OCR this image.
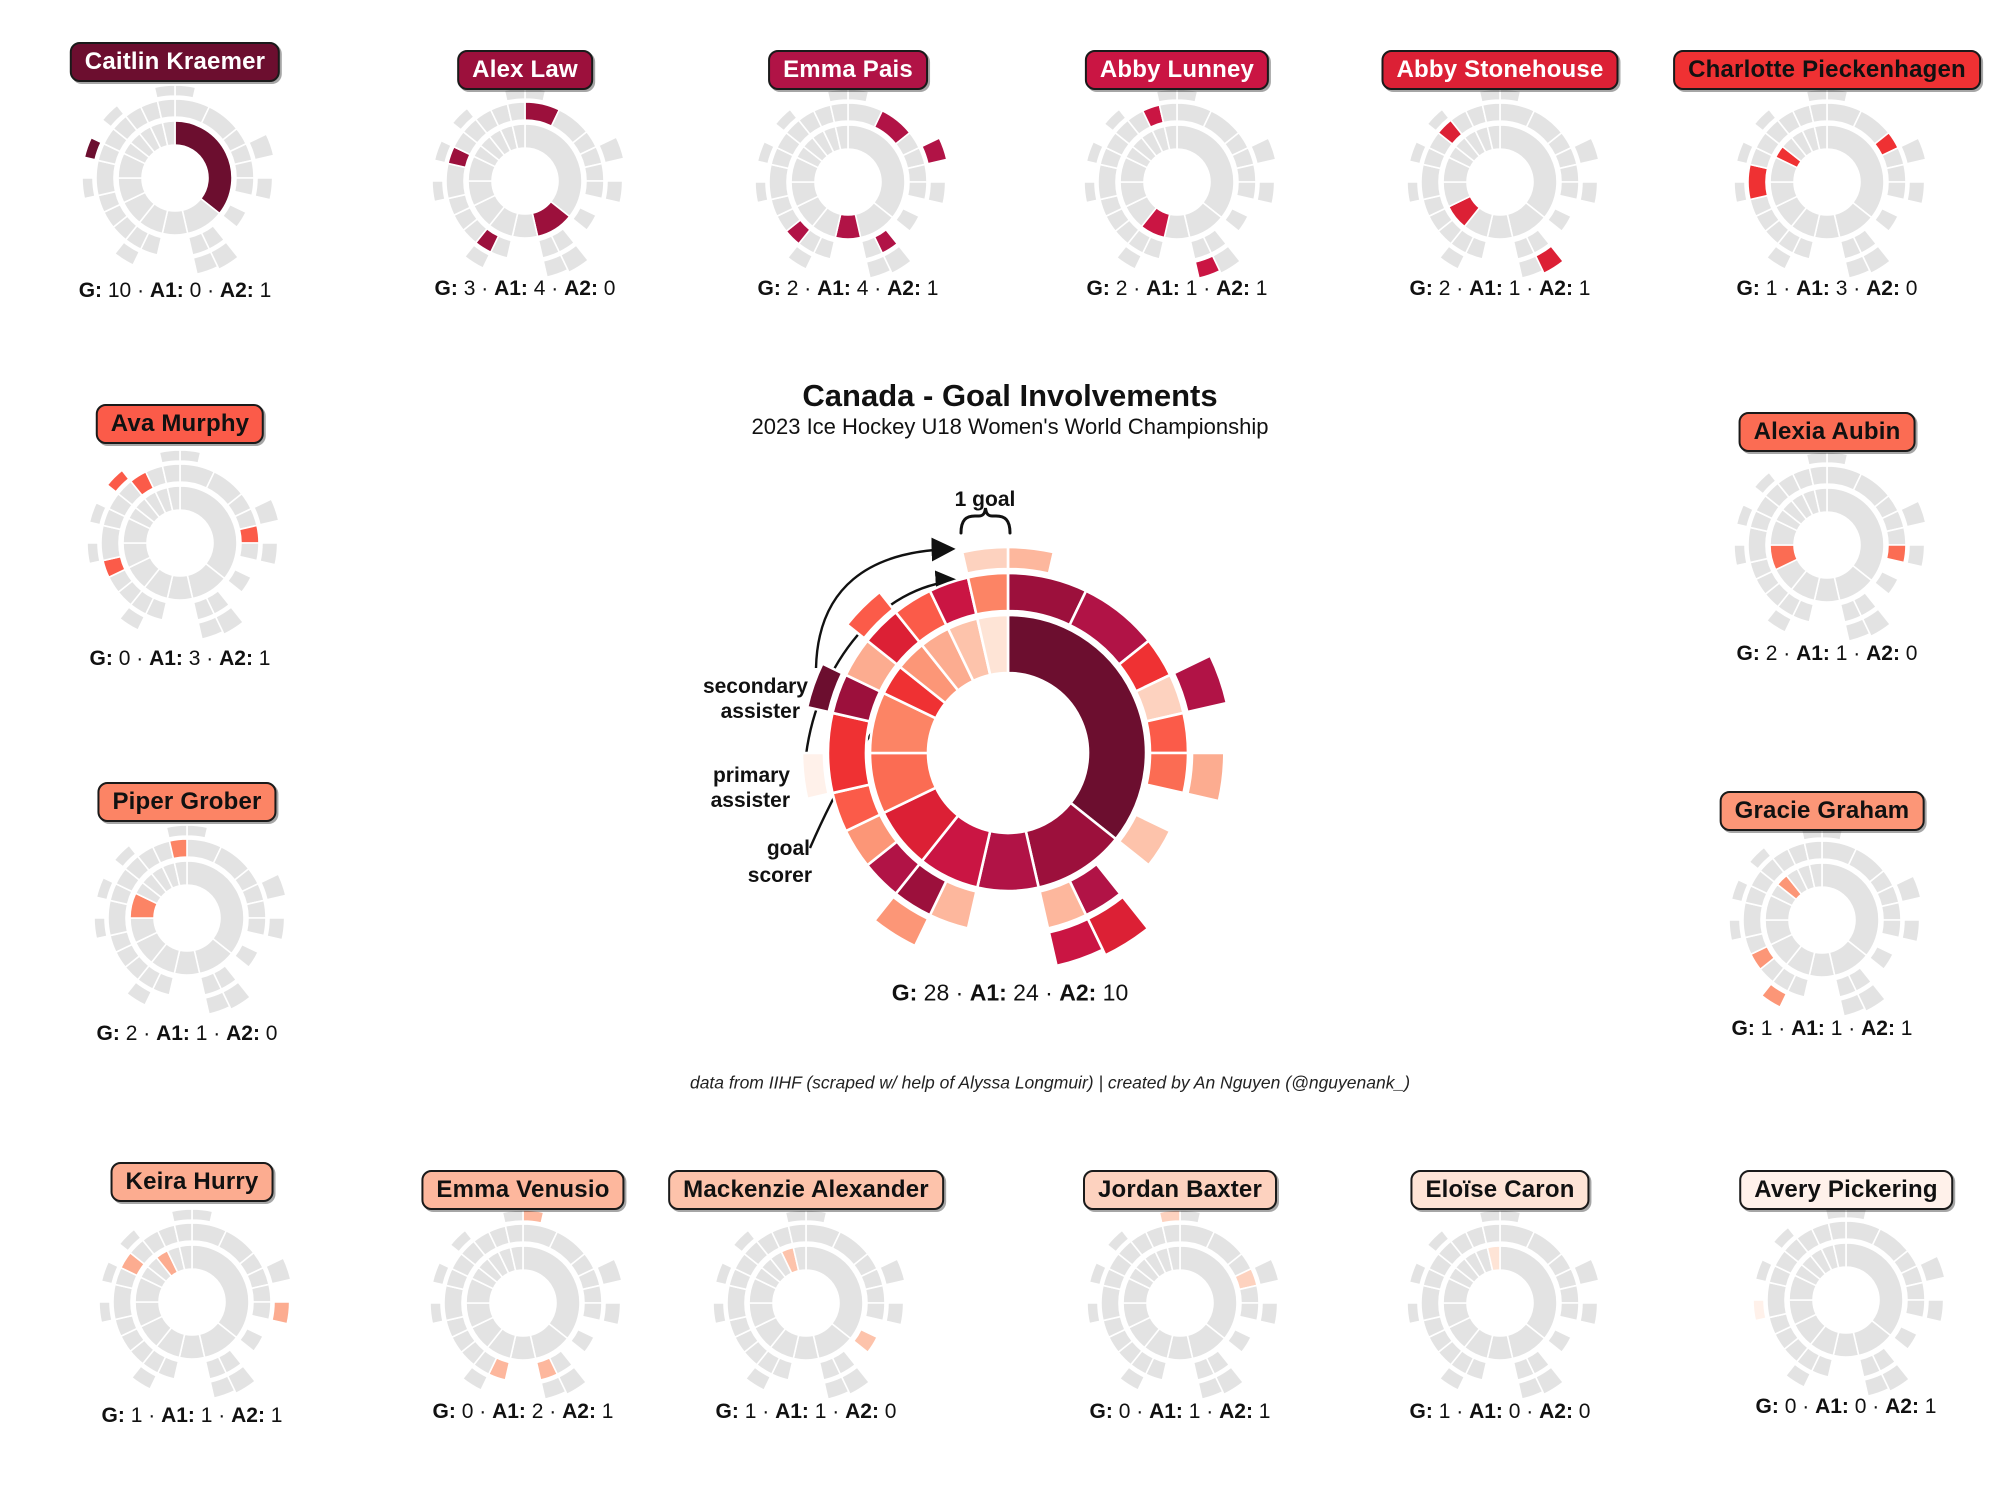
Canada - Goal Involvements
2023 Ice Hockey U18 Women's World Championship
G: 28 · A1: 24 · A2: 10
data from IIHF (scraped w/ help of Alyssa Longmuir) | created by An Nguyen (@nguyenank_)
1 goal
secondary
assister
primary
assister
goal
scorer
Caitlin Kraemer
G: 10 · A1: 0 · A2: 1
Alex Law
G: 3 · A1: 4 · A2: 0
Emma Pais
G: 2 · A1: 4 · A2: 1
Abby Lunney
G: 2 · A1: 1 · A2: 1
Abby Stonehouse
G: 2 · A1: 1 · A2: 1
Charlotte Pieckenhagen
G: 1 · A1: 3 · A2: 0
Ava Murphy
G: 0 · A1: 3 · A2: 1
Alexia Aubin
G: 2 · A1: 1 · A2: 0
Piper Grober
G: 2 · A1: 1 · A2: 0
Gracie Graham
G: 1 · A1: 1 · A2: 1
Keira Hurry
G: 1 · A1: 1 · A2: 1
Emma Venusio
G: 0 · A1: 2 · A2: 1
Mackenzie Alexander
G: 1 · A1: 1 · A2: 0
Jordan Baxter
G: 0 · A1: 1 · A2: 1
Eloïse Caron
G: 1 · A1: 0 · A2: 0
Avery Pickering
G: 0 · A1: 0 · A2: 1
